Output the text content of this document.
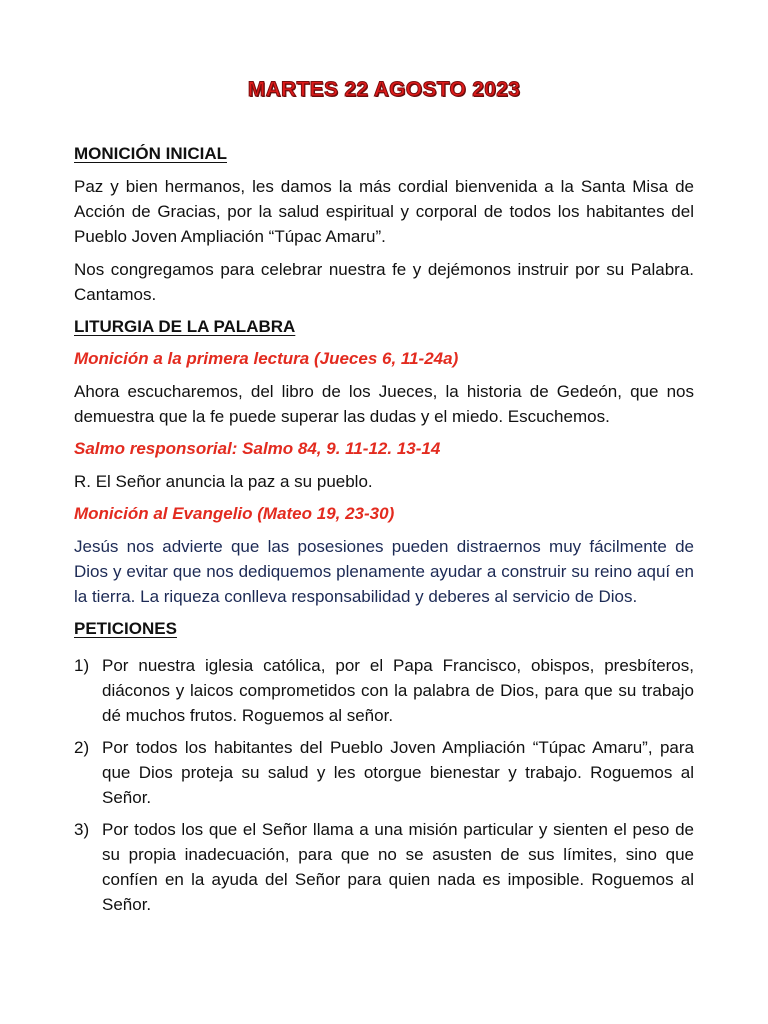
MARTES 22 AGOSTO 2023
MONICIÓN INICIAL

Paz y bien hermanos, les damos la más cordial bienvenida a la Santa Misa de Acción de Gracias, por la salud espiritual y corporal de todos los habitantes del Pueblo Joven Ampliación “Túpac Amaru”.

Nos congregamos para celebrar nuestra fe y dejémonos instruir por su Palabra. Cantamos.

LITURGIA DE LA PALABRA
Monición a la primera lectura (Jueces 6, 11-24a)

Ahora escucharemos, del libro de los Jueces, la historia de Gedeón, que nos demuestra que la fe puede superar las dudas y el miedo. Escuchemos.

Salmo responsorial: Salmo 84, 9. 11-12. 13-14

R. El Señor anuncia la paz a su pueblo.

Monición al Evangelio (Mateo 19, 23-30)

Jesús nos advierte que las posesiones pueden distraernos muy fácilmente de Dios y evitar que nos dediquemos plenamente ayudar a construir su reino aquí en la tierra. La riqueza conlleva responsabilidad y deberes al servicio de Dios.

PETICIONES
1) Por nuestra iglesia católica, por el Papa Francisco, obispos, presbíteros, diáconos y laicos comprometidos con la palabra de Dios, para que su trabajo dé muchos frutos. Roguemos al señor.
2) Por todos los habitantes del Pueblo Joven Ampliación “Túpac Amaru”, para que Dios proteja su salud y les otorgue bienestar y trabajo. Roguemos al Señor.
3) Por todos los que el Señor llama a una misión particular y sienten el peso de su propia inadecuación, para que no se asusten de sus límites, sino que confíen en la ayuda del Señor para quien nada es imposible. Roguemos al Señor.
